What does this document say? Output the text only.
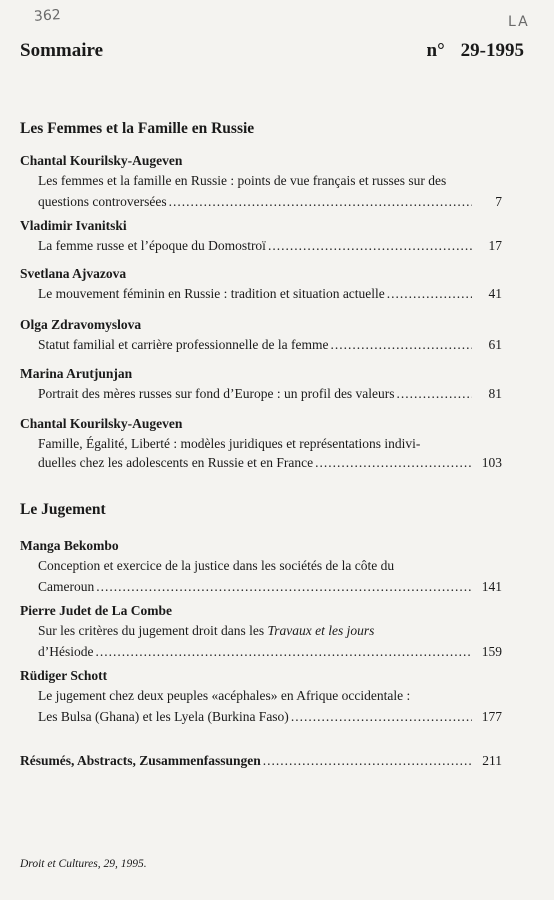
362	LA
Sommaire	n° 29-1995
Les Femmes et la Famille en Russie
Chantal Kourilsky-Augeven
Les femmes et la famille en Russie : points de vue français et russes sur des
questions controversées .....	7
Vladimir Ivanitski
La femme russe et l’époque du Domostroï .....	17
Svetlana Ajvazova
Le mouvement féminin en Russie : tradition et situation actuelle .....	41
Olga Zdravomyslova
Statut familial et carrière professionnelle de la femme .....	61
Marina Arutjunjan
Portrait des mères russes sur fond d’Europe : un profil des valeurs .....	81
Chantal Kourilsky-Augeven
Famille, Égalité, Liberté : modèles juridiques et représentations indivi-
duelles chez les adolescents en Russie et en France .....	103
Le Jugement
Manga Bekombo
Conception et exercice de la justice dans les sociétés de la côte du
Cameroun .....	141
Pierre Judet de La Combe
Sur les critères du jugement droit dans les Travaux et les jours
d’Hésiode .....	159
Rüdiger Schott
Le jugement chez deux peuples «acéphales» en Afrique occidentale :
Les Bulsa (Ghana) et les Lyela (Burkina Faso) .....	177
Résumés, Abstracts, Zusammenfassungen .....	211
Droit et Cultures, 29, 1995.
